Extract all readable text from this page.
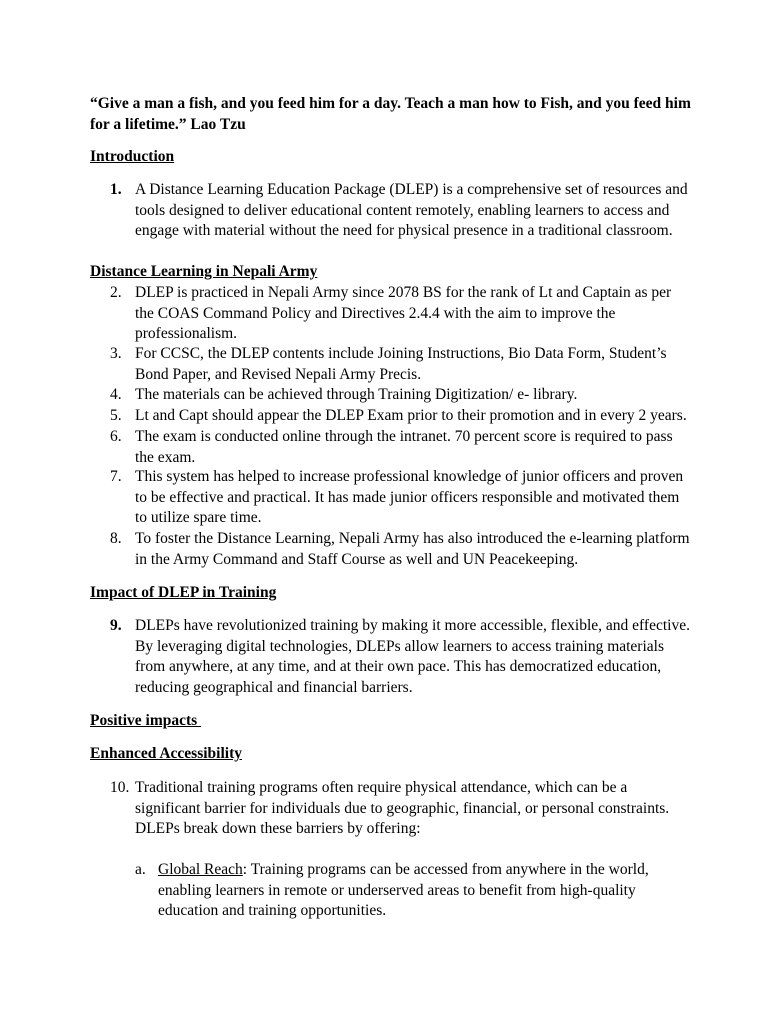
“Give a man a fish, and you feed him for a day. Teach a man how to Fish, and you feed him for a lifetime.” Lao Tzu
Introduction
1. A Distance Learning Education Package (DLEP) is a comprehensive set of resources and tools designed to deliver educational content remotely, enabling learners to access and engage with material without the need for physical presence in a traditional classroom.
Distance Learning in Nepali Army
2. DLEP is practiced in Nepali Army since 2078 BS for the rank of Lt and Captain as per the COAS Command Policy and Directives 2.4.4 with the aim to improve the professionalism.
3. For CCSC, the DLEP contents include Joining Instructions, Bio Data Form, Student’s Bond Paper, and Revised Nepali Army Precis.
4. The materials can be achieved through Training Digitization/ e- library.
5. Lt and Capt should appear the DLEP Exam prior to their promotion and in every 2 years.
6. The exam is conducted online through the intranet. 70 percent score is required to pass the exam.
7. This system has helped to increase professional knowledge of junior officers and proven to be effective and practical. It has made junior officers responsible and motivated them to utilize spare time.
8. To foster the Distance Learning, Nepali Army has also introduced the e-learning platform in the Army Command and Staff Course as well and UN Peacekeeping.
Impact of DLEP in Training
9. DLEPs have revolutionized training by making it more accessible, flexible, and effective. By leveraging digital technologies, DLEPs allow learners to access training materials from anywhere, at any time, and at their own pace. This has democratized education, reducing geographical and financial barriers.
Positive impacts
Enhanced Accessibility
10. Traditional training programs often require physical attendance, which can be a significant barrier for individuals due to geographic, financial, or personal constraints. DLEPs break down these barriers by offering:
a. Global Reach: Training programs can be accessed from anywhere in the world, enabling learners in remote or underserved areas to benefit from high-quality education and training opportunities.
